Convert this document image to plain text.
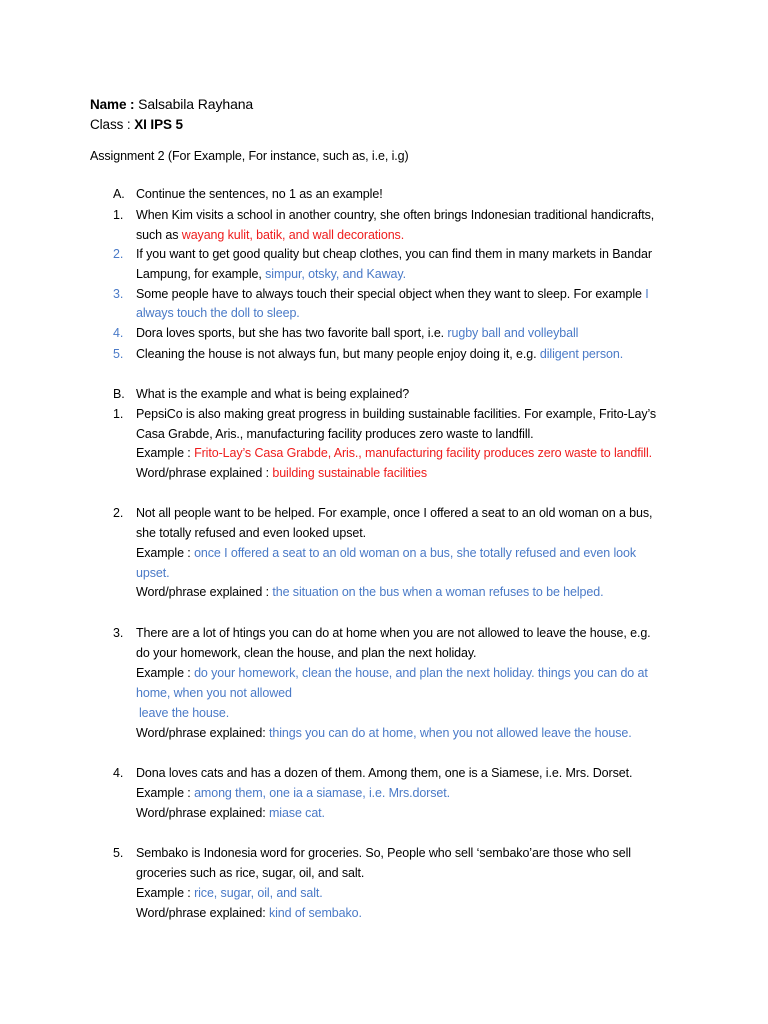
Name : Salsabila Rayhana
Class : XI IPS 5
Assignment 2 (For Example, For instance, such as, i.e, i.g)
A. Continue the sentences, no 1 as an example!
1. When Kim visits a school in another country, she often brings Indonesian traditional handicrafts,
such as wayang kulit, batik, and wall decorations.
2. If you want to get good quality but cheap clothes, you can find them in many markets in Bandar
Lampung, for example, simpur, otsky, and Kaway.
3. Some people have to always touch their special object when they want to sleep. For example I
always touch the doll to sleep.
4. Dora loves sports, but she has two favorite ball sport, i.e. rugby ball and volleyball
5. Cleaning the house is not always fun, but many people enjoy doing it, e.g. diligent person.
B. What is the example and what is being explained?
1. PepsiCo is also making great progress in building sustainable facilities. For example, Frito-Lay’s
Casa Grabde, Aris., manufacturing facility produces zero waste to landfill.
Example : Frito-Lay’s Casa Grabde, Aris., manufacturing facility produces zero waste to landfill.
Word/phrase explained : building sustainable facilities
2. Not all people want to be helped. For example, once I offered a seat to an old woman on a bus,
she totally refused and even looked upset.
Example : once I offered a seat to an old woman on a bus, she totally refused and even look
upset.
Word/phrase explained : the situation on the bus when a woman refuses to be helped.
3. There are a lot of htings you can do at home when you are not allowed to leave the house, e.g.
do your homework, clean the house, and plan the next holiday.
Example : do your homework, clean the house, and plan the next holiday. things you can do at
home, when you not allowed
leave the house.
Word/phrase explained: things you can do at home, when you not allowed leave the house.
4. Dona loves cats and has a dozen of them. Among them, one is a Siamese, i.e. Mrs. Dorset.
Example : among them, one ia a siamase, i.e. Mrs.dorset.
Word/phrase explained: miase cat.
5. Sembako is Indonesia word for groceries. So, People who sell ‘sembako’are those who sell
groceries such as rice, sugar, oil, and salt.
Example : rice, sugar, oil, and salt.
Word/phrase explained: kind of sembako.
